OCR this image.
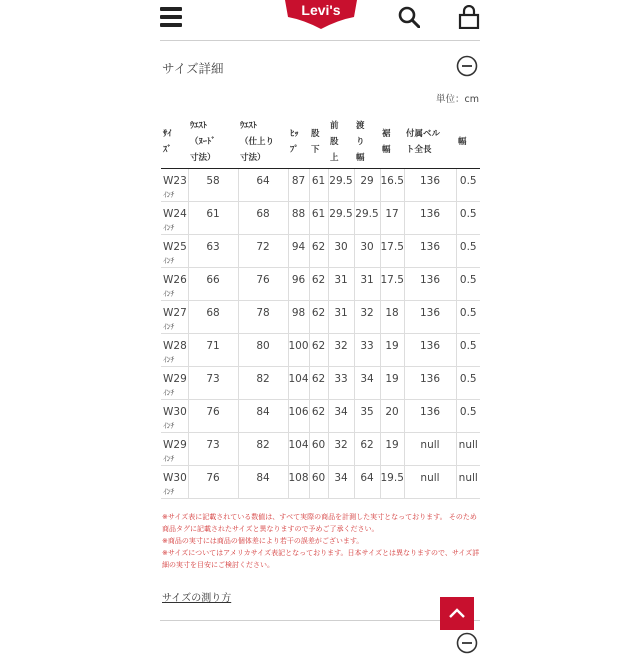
Levi's
サイズ詳細
単位：cm
ｻｲ
ｽﾞ	ｳｴｽﾄ
（ﾇｰﾄﾞ
寸法）	ｳｴｽﾄ
（仕上り
寸法）	ﾋｯ
ﾌﾟ	股
下	前
股
上	渡
り
幅	裾
幅	付属ベル
ト全長	幅

W23
ｲﾝﾁ	58	64	87	61	29.5	29	16.5	136	0.5

W24
ｲﾝﾁ	61	68	88	61	29.5	29.5	17	136	0.5

W25
ｲﾝﾁ	63	72	94	62	30	30	17.5	136	0.5

W26
ｲﾝﾁ	66	76	96	62	31	31	17.5	136	0.5

W27
ｲﾝﾁ	68	78	98	62	31	32	18	136	0.5

W28
ｲﾝﾁ	71	80	100	62	32	33	19	136	0.5

W29
ｲﾝﾁ	73	82	104	62	33	34	19	136	0.5

W30
ｲﾝﾁ	76	84	106	62	34	35	20	136	0.5

W29
ｲﾝﾁ	73	82	104	60	32	62	19	null	null

W30
ｲﾝﾁ	76	84	108	60	34	64	19.5	null	null

※サイズ表に記載されている数値は、すべて実際の商品を計測した実寸となっております。 そのため商品タグに記載されたサイズと異なりますので予めご了承ください。

※商品の実寸には商品の個体差により若干の誤差がございます。

※サイズについてはアメリカサイズ表記となっております。日本サイズとは異なりますので、サイズ詳細の実寸を目安にご検討ください。

サイズの測り方
